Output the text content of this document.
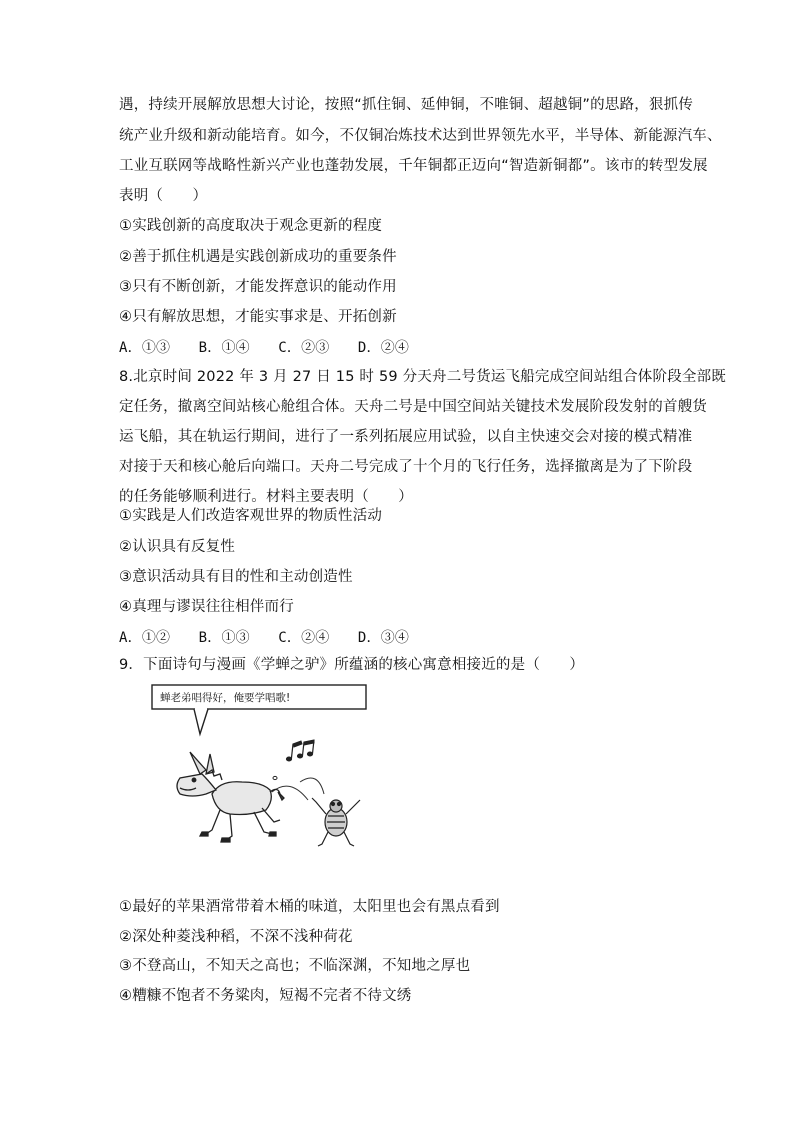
遇，持续开展解放思想大讨论，按照“抓住铜、延伸铜，不唯铜、超越铜”的思路，狠抓传
统产业升级和新动能培育。如今，不仅铜冶炼技术达到世界领先水平，半导体、新能源汽车、
工业互联网等战略性新兴产业也蓬勃发展，千年铜都正迈向“智造新铜都”。该市的转型发展
表明（　　）
①实践创新的高度取决于观念更新的程度
②善于抓住机遇是实践创新成功的重要条件
③只有不断创新，才能发挥意识的能动作用
④只有解放思想，才能实事求是、开拓创新
A．①③　　B．①④　　C．②③　　D．②④
8.北京时间 2022 年 3 月 27 日 15 时 59 分天舟二号货运飞船完成空间站组合体阶段全部既
定任务，撤离空间站核心舱组合体。天舟二号是中国空间站关键技术发展阶段发射的首艘货
运飞船，其在轨运行期间，进行了一系列拓展应用试验，以自主快速交会对接的模式精准
对接于天和核心舱后向端口。天舟二号完成了十个月的飞行任务，选择撤离是为了下阶段
的任务能够顺利进行。材料主要表明（　　）
①实践是人们改造客观世界的物质性活动
②认识具有反复性
③意识活动具有目的性和主动创造性
④真理与谬误往往相伴而行
A．①②　　B．①③　　C．②④　　D．③④
9．下面诗句与漫画《学蝉之驴》所蕴涵的核心寓意相接近的是（　　）
蝉老弟唱得好，俺要学唱歌!
①最好的苹果酒常带着木桶的味道，太阳里也会有黑点看到
②深处种菱浅种稻，不深不浅种荷花
③不登高山，不知天之高也；不临深渊，不知地之厚也
④糟糠不饱者不务粱肉，短褐不完者不待文绣
